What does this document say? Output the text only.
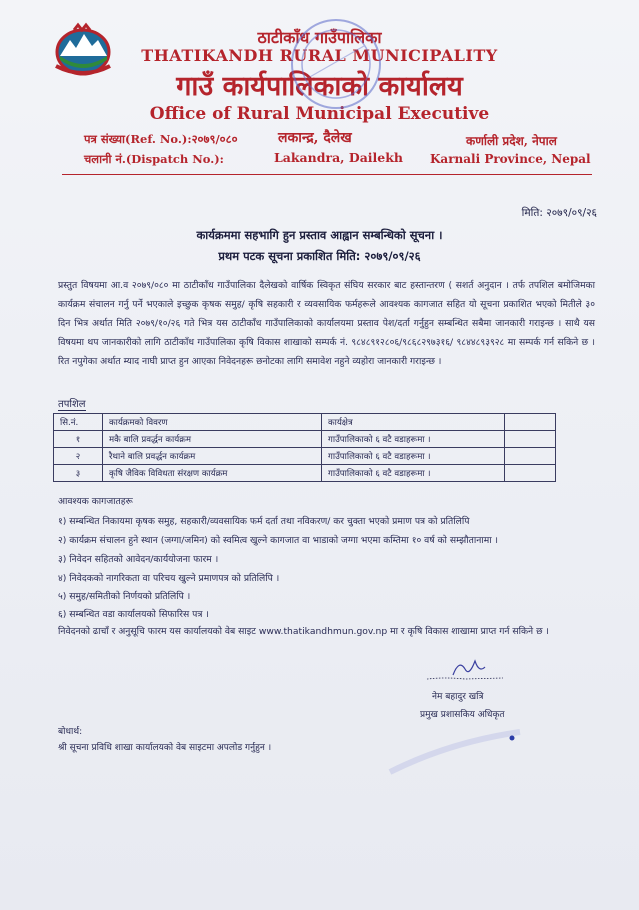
ठाटीकाँध गाउँपालिका
THATIKANDH RURAL MUNICIPALITY
गाउँ कार्यपालिकाको कार्यालय
Office of Rural Municipal Executive
पत्र संख्या(Ref. No.):२०७९/०८०
चलानी नं.(Dispatch No.):
लकान्द्र, दैलेख
Lakandra, Dailekh
कर्णाली प्रदेश, नेपाल
Karnali Province, Nepal
मिति: २०७९/०९/२६
कार्यक्रममा सहभागि हुन प्रस्ताव आह्वान सम्बन्धिको सूचना ।
प्रथम पटक सूचना प्रकाशित मिति: २०७९/०९/२६
प्रस्तुत विषयमा आ.व २०७९/०८० मा ठाटीकाँध गाउँपालिका दैलेखको वार्षिक स्विकृत संघिय सरकार बाट हस्तान्तरण ( सशर्त अनुदान । तर्फ तपशिल बमोजिमका कार्यक्रम संचालन गर्नु पर्ने भएकाले इच्छुक कृषक समुह/ कृषि सहकारी र व्यवसायिक फर्महरूले आवश्यक कागजात सहित यो सूचना प्रकाशित भएको मितीले ३० दिन भित्र अर्थात मिति २०७९/१०/२६ गते भित्र यस ठाटीकाँध गाउँपालिकाको कार्यालयमा प्रस्ताव पेश/दर्ता गर्नुहुन सम्बन्धित सबैमा जानकारी गराइन्छ । साथै यस विषयमा थप जानकारीको लागि ठाटीकाँध गाउँपालिका कृषि विकास शाखाको सम्पर्क नं. ९८४८९१२८०६/९८६८२९७३१६/ ९८४४८९३९२८ मा सम्पर्क गर्न सकिने छ । रित नपुगेका अर्थात म्याद नाघी प्राप्त हुन आएका निवेदनहरू छनोटका लागि समावेश नहुने व्यहोरा जानकारी गराइन्छ ।
तपशिल
सि.नं.	कार्यक्रमको विवरण	कार्यक्षेत्र	
१	मकै बालि प्रवर्द्धन कार्यक्रम	गाउँपालिकाको ६ वटै वडाहरूमा ।	
२	रैथाने बालि प्रवर्द्धन कार्यक्रम	गाउँपालिकाको ६ वटै वडाहरूमा ।	
३	कृषि जैविक विविधता संरक्षण कार्यक्रम	गाउँपालिकाको ६ वटै वडाहरूमा ।	
आवश्यक कागजातहरू
१) सम्बन्धित निकायमा कृषक समुह, सहकारी/व्यवसायिक फर्म दर्ता तथा नविकरण/ कर चुक्ता भएको प्रमाण पत्र को प्रतिलिपि
२) कार्यक्रम संचालन हुने स्थान (जग्गा/जमिन) को स्वमित्व खुल्ने कागजात वा भाडाको जग्गा भएमा कम्तिमा १० वर्ष को सम्झौतानामा ।
३) निवेदन सहितको आवेदन/कार्ययोजना फारम ।
४) निवेदकको नागरिकता वा परिचय खुल्ने प्रमाणपत्र को प्रतिलिपि ।
५) समुह/समितीको निर्णयको प्रतिलिपि ।
६) सम्बन्धित वडा कार्यालयको सिफारिस पत्र ।
निवेदनको ढाचाँ र अनुसूचि फारम यस कार्यालयको वेब साइट www.thatikandhmun.gov.np मा र कृषि विकास शाखामा प्राप्त गर्न सकिने छ ।
नेम बहादुर खत्रि
प्रमुख प्रशासकिय अधिकृत
बोधार्थ:
श्री सूचना प्रविधि शाखा कार्यालयको वेब साइटमा अपलोड गर्नुहुन ।
